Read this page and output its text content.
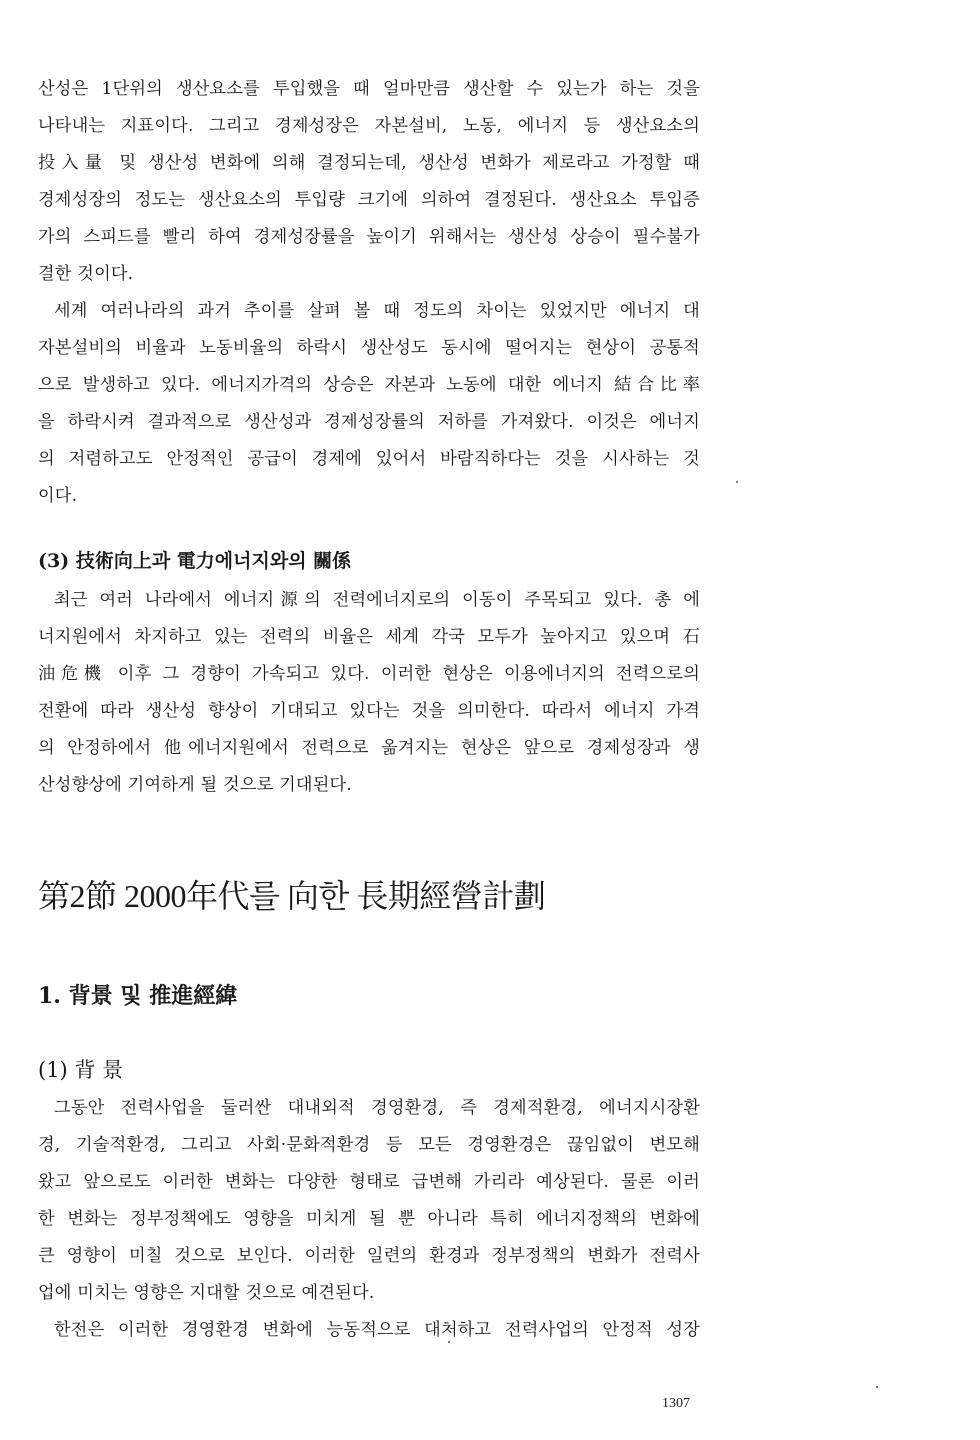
산성은 1단위의 생산요소를 투입했을 때 얼마만큼 생산할 수 있는가 하는 것을
나타내는 지표이다. 그리고 경제성장은 자본설비, 노동, 에너지 등 생산요소의
投入量 및 생산성 변화에 의해 결정되는데, 생산성 변화가 제로라고 가정할 때
경제성장의 정도는 생산요소의 투입량 크기에 의하여 결정된다. 생산요소 투입증
가의 스피드를 빨리 하여 경제성장률을 높이기 위해서는 생산성 상승이 필수불가
결한 것이다.
세계 여러나라의 과거 추이를 살펴 볼 때 정도의 차이는 있었지만 에너지 대
자본설비의 비율과 노동비율의 하락시 생산성도 동시에 떨어지는 현상이 공통적
으로 발생하고 있다. 에너지가격의 상승은 자본과 노동에 대한 에너지 結合比率
을 하락시켜 결과적으로 생산성과 경제성장률의 저하를 가져왔다. 이것은 에너지
의 저렴하고도 안정적인 공급이 경제에 있어서 바람직하다는 것을 시사하는 것
이다.
(3) 技術向上과 電力에너지와의 關係
최근 여러 나라에서 에너지源의 전력에너지로의 이동이 주목되고 있다. 총 에
너지원에서 차지하고 있는 전력의 비율은 세계 각국 모두가 높아지고 있으며 石
油危機 이후 그 경향이 가속되고 있다. 이러한 현상은 이용에너지의 전력으로의
전환에 따라 생산성 향상이 기대되고 있다는 것을 의미한다. 따라서 에너지 가격
의 안정하에서 他에너지원에서 전력으로 옮겨지는 현상은 앞으로 경제성장과 생
산성향상에 기여하게 될 것으로 기대된다.
第2節 2000年代를 向한 長期經營計劃
1. 背景 및 推進經緯
(1) 背 景
그동안 전력사업을 둘러싼 대내외적 경영환경, 즉 경제적환경, 에너지시장환
경, 기술적환경, 그리고 사회·문화적환경 등 모든 경영환경은 끊임없이 변모해
왔고 앞으로도 이러한 변화는 다양한 형태로 급변해 가리라 예상된다. 물론 이러
한 변화는 정부정책에도 영향을 미치게 될 뿐 아니라 특히 에너지정책의 변화에
큰 영향이 미칠 것으로 보인다. 이러한 일련의 환경과 정부정책의 변화가 전력사
업에 미치는 영향은 지대할 것으로 예견된다.
한전은 이러한 경영환경 변화에 능동적으로 대처하고 전력사업의 안정적 성장
1307
